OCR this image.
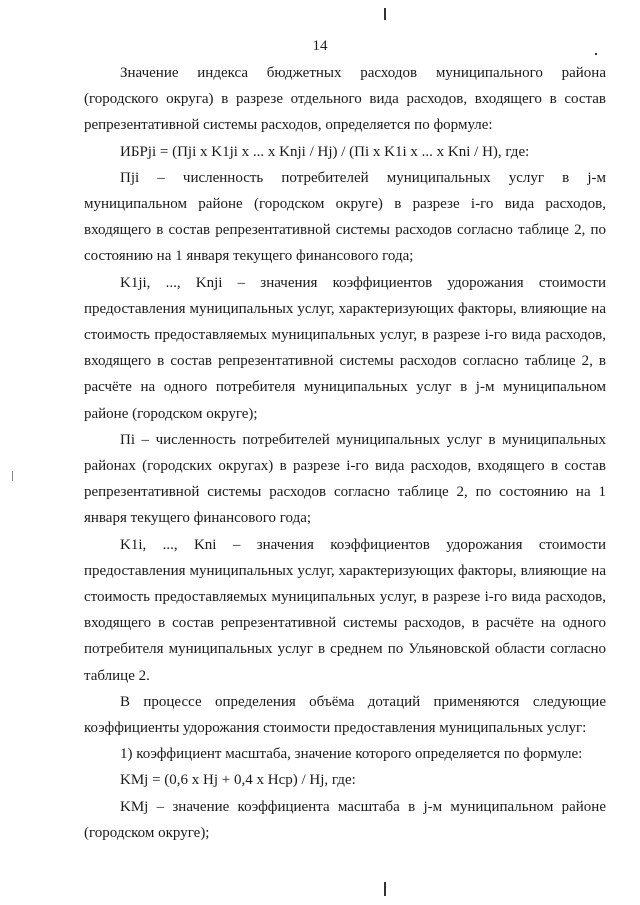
14

Значение индекса бюджетных расходов муниципального района (городского округа) в разрезе отдельного вида расходов, входящего в состав репрезентативной системы расходов, определяется по формуле:

ИБРji = (Пji x K1ji x ... x Knji / Hj) / (Пi x K1i x ... x Kni / H), где:

Пji – численность потребителей муниципальных услуг в j-м муниципальном районе (городском округе) в разрезе i-го вида расходов, входящего в состав репрезентативной системы расходов согласно таблице 2, по состоянию на 1 января текущего финансового года;

K1ji, ..., Knji – значения коэффициентов удорожания стоимости предоставления муниципальных услуг, характеризующих факторы, влияющие на стоимость предоставляемых муниципальных услуг, в разрезе i-го вида расходов, входящего в состав репрезентативной системы расходов согласно таблице 2, в расчёте на одного потребителя муниципальных услуг в j-м муниципальном районе (городском округе);

Пi – численность потребителей муниципальных услуг в муниципальных районах (городских округах) в разрезе i-го вида расходов, входящего в состав репрезентативной системы расходов согласно таблице 2, по состоянию на 1 января текущего финансового года;

K1i, ..., Kni – значения коэффициентов удорожания стоимости предоставления муниципальных услуг, характеризующих факторы, влияющие на стоимость предоставляемых муниципальных услуг, в разрезе i-го вида расходов, входящего в состав репрезентативной системы расходов, в расчёте на одного потребителя муниципальных услуг в среднем по Ульяновской области согласно таблице 2.

В процессе определения объёма дотаций применяются следующие коэффициенты удорожания стоимости предоставления муниципальных услуг:

1) коэффициент масштаба, значение которого определяется по формуле:

KMj = (0,6 x Hj + 0,4 x Hср) / Hj, где:

KMj – значение коэффициента масштаба в j-м муниципальном районе (городском округе);
